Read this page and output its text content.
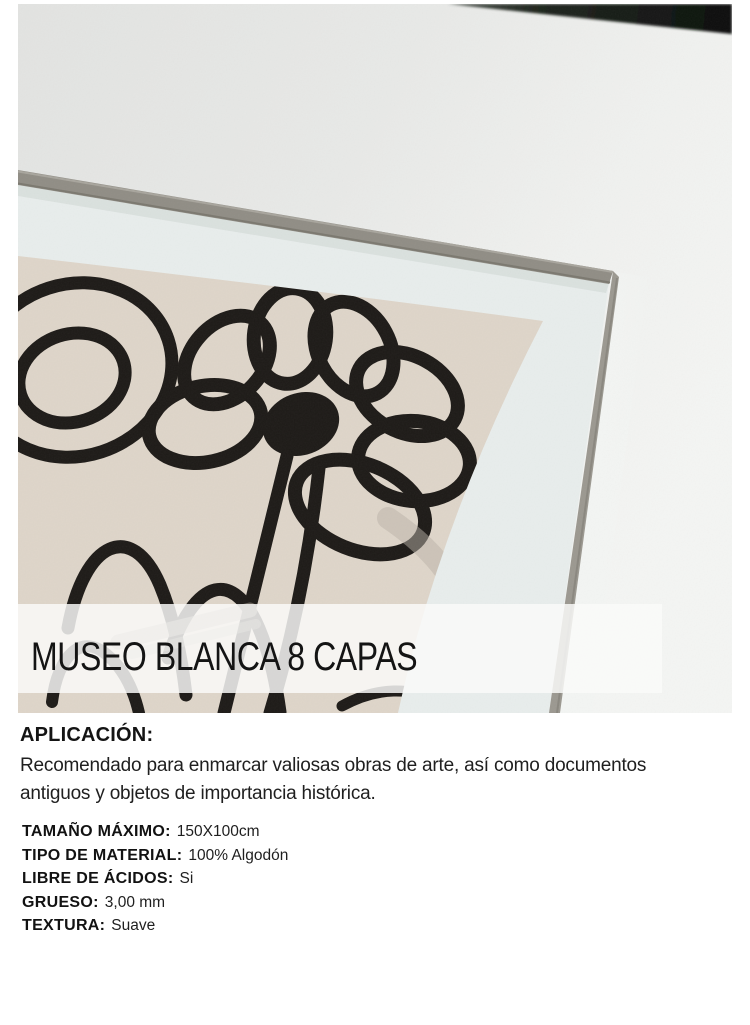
MUSEO BLANCA 8 CAPAS
APLICACIÓN:

Recomendado para enmarcar valiosas obras de arte, así como documentos
antiguos y objetos de importancia histórica.

TAMAÑO MÁXIMO: 150X100cm
TIPO DE MATERIAL: 100% Algodón
LIBRE DE ÁCIDOS: Si
GRUESO: 3,00 mm
TEXTURA: Suave
